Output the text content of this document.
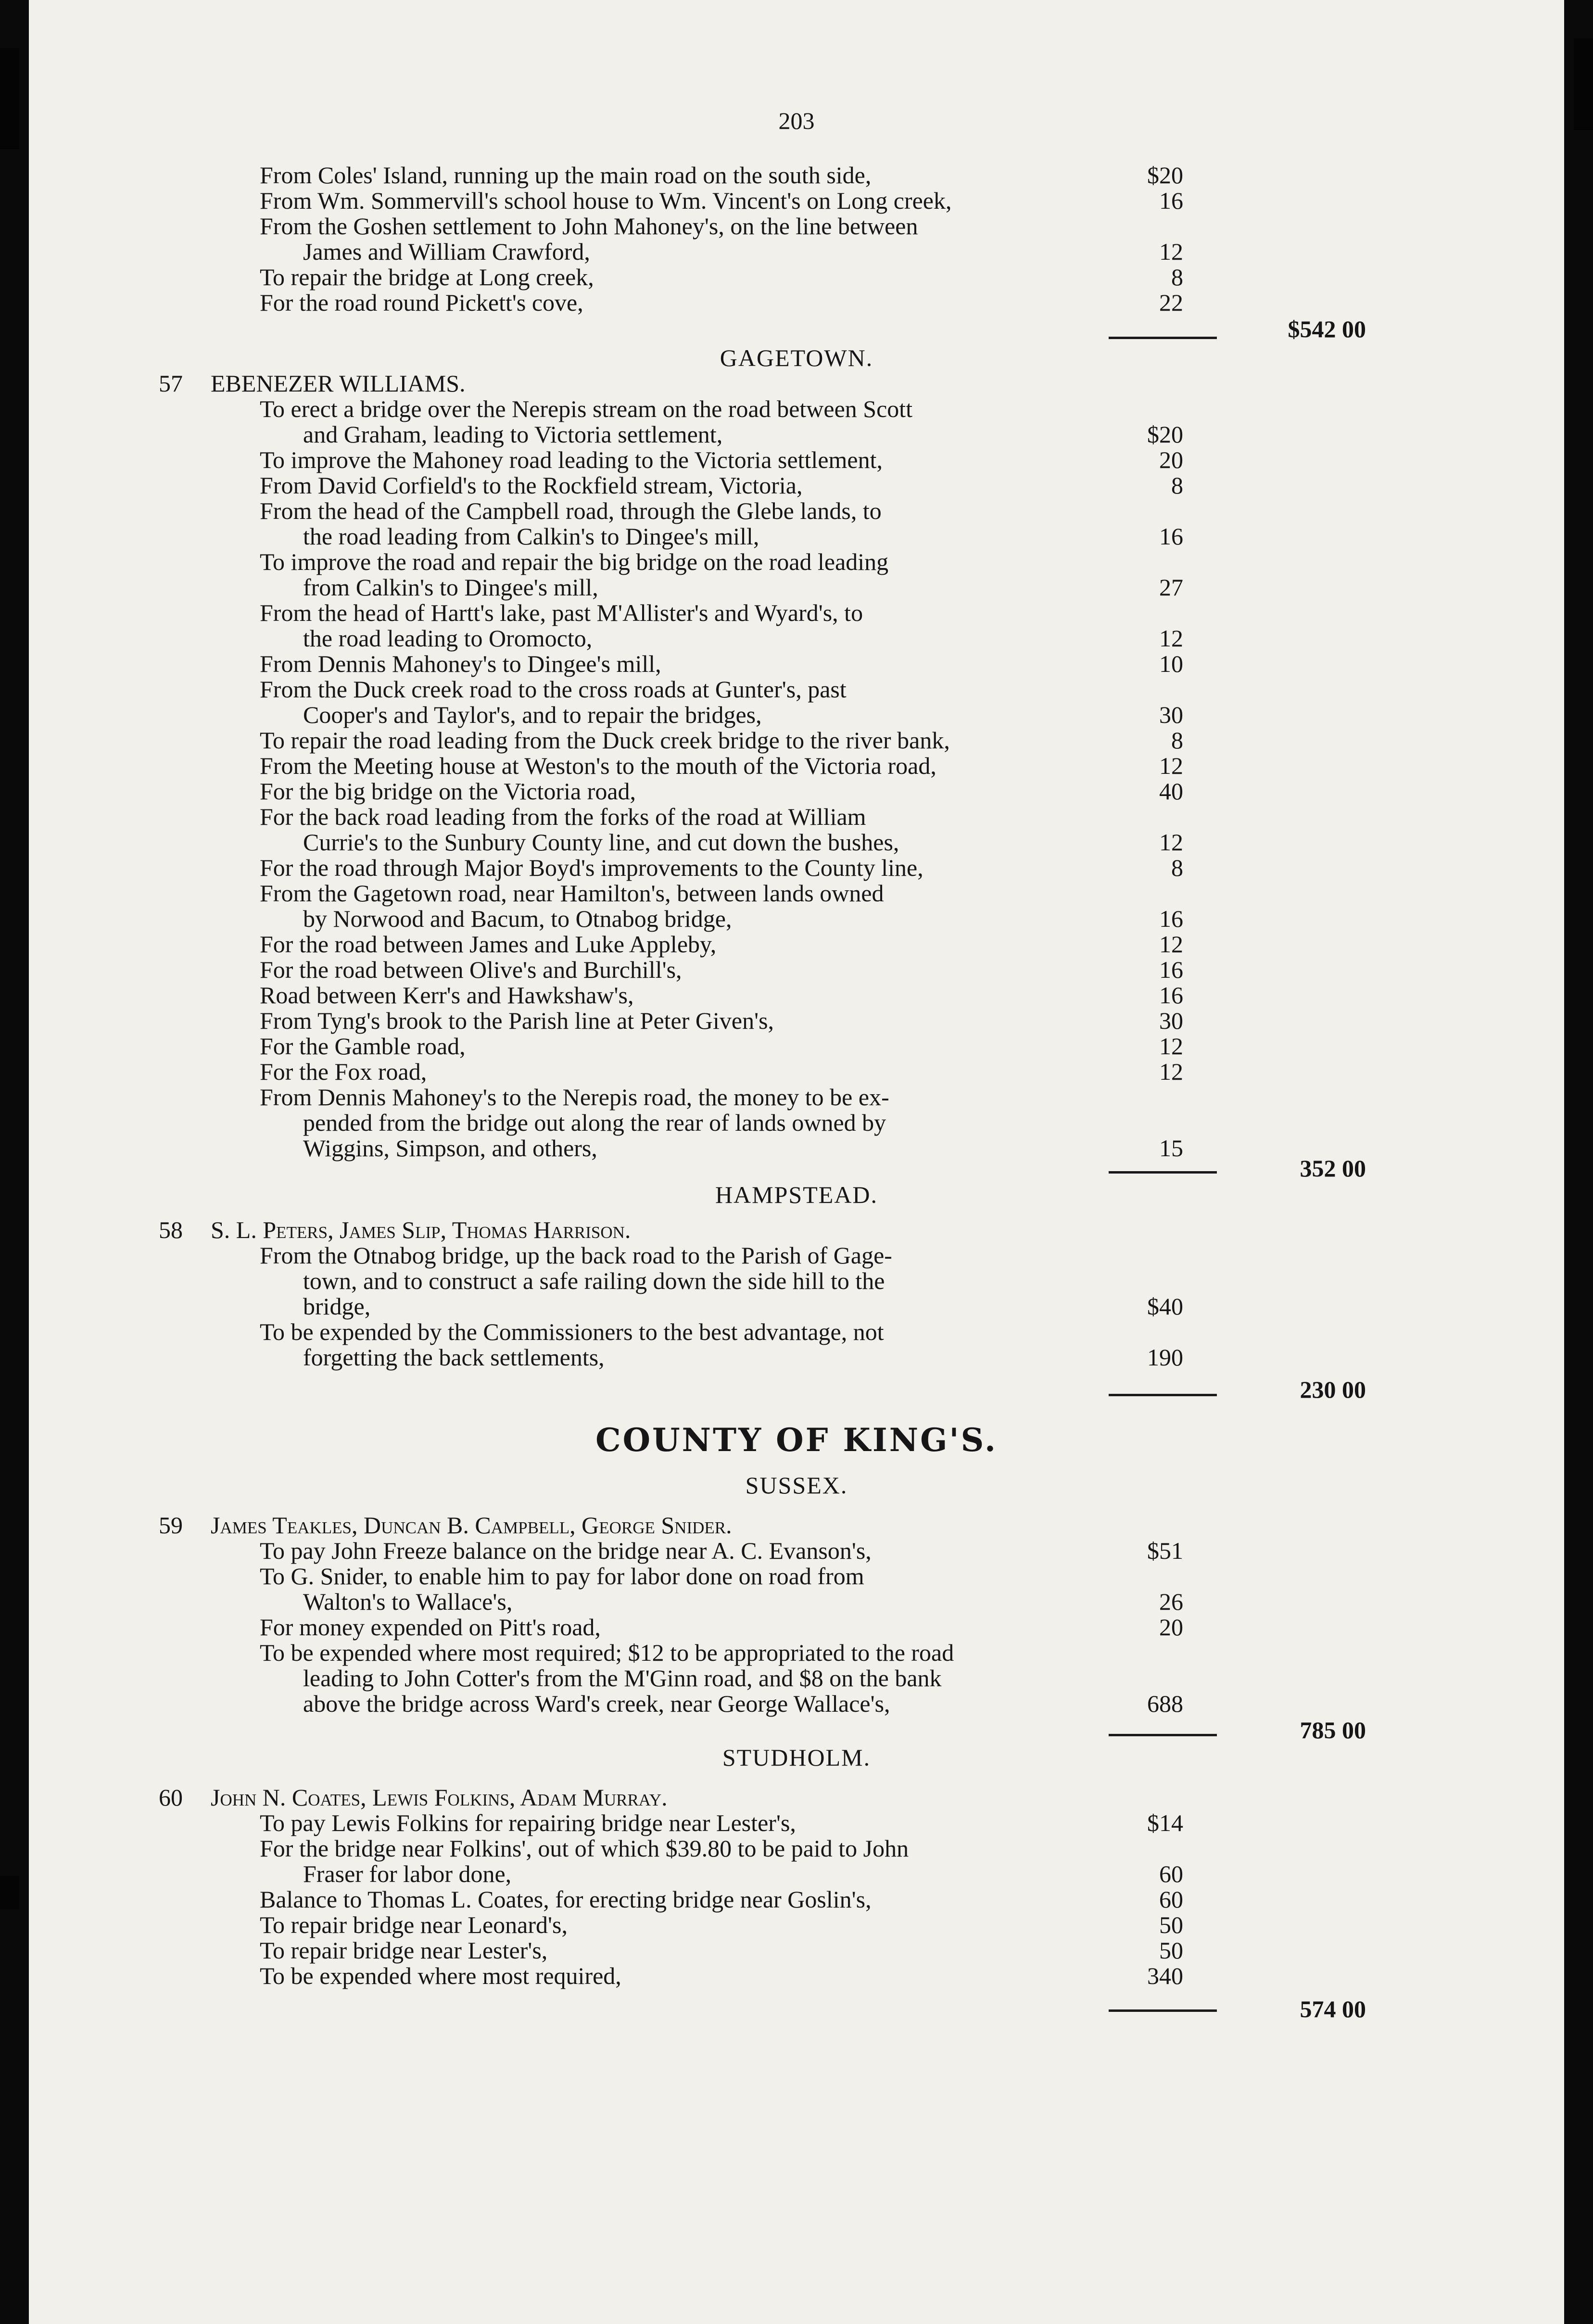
203
From Coles' Island, running up the main road on the south side,	$20
From Wm. Sommervill's school house to Wm. Vincent's on Long creek,	16
From the Goshen settlement to John Mahoney's, on the line between
James and William Crawford,	12
To repair the bridge at Long creek,	8
For the road round Pickett's cove,	22
$542 00
GAGETOWN.
57 EBENEZER WILLIAMS.
To erect a bridge over the Nerepis stream on the road between Scott
and Graham, leading to Victoria settlement,	$20
To improve the Mahoney road leading to the Victoria settlement,	20
From David Corfield's to the Rockfield stream, Victoria,	8
From the head of the Campbell road, through the Glebe lands, to
the road leading from Calkin's to Dingee's mill,	16
To improve the road and repair the big bridge on the road leading
from Calkin's to Dingee's mill,	27
From the head of Hartt's lake, past M'Allister's and Wyard's, to
the road leading to Oromocto,	12
From Dennis Mahoney's to Dingee's mill,	10
From the Duck creek road to the cross roads at Gunter's, past
Cooper's and Taylor's, and to repair the bridges,	30
To repair the road leading from the Duck creek bridge to the river bank,	8
From the Meeting house at Weston's to the mouth of the Victoria road,	12
For the big bridge on the Victoria road,	40
For the back road leading from the forks of the road at William
Currie's to the Sunbury County line, and cut down the bushes,	12
For the road through Major Boyd's improvements to the County line,	8
From the Gagetown road, near Hamilton's, between lands owned
by Norwood and Bacum, to Otnabog bridge,	16
For the road between James and Luke Appleby,	12
For the road between Olive's and Burchill's,	16
Road between Kerr's and Hawkshaw's,	16
From Tyng's brook to the Parish line at Peter Given's,	30
For the Gamble road,	12
For the Fox road,	12
From Dennis Mahoney's to the Nerepis road, the money to be ex-
pended from the bridge out along the rear of lands owned by
Wiggins, Simpson, and others,	15
352 00
HAMPSTEAD.
58 S. L. Peters, James Slip, Thomas Harrison.
From the Otnabog bridge, up the back road to the Parish of Gage-
town, and to construct a safe railing down the side hill to the
bridge,	$40
To be expended by the Commissioners to the best advantage, not
forgetting the back settlements,	190
230 00
COUNTY OF KING'S.
SUSSEX.
59 James Teakles, Duncan B. Campbell, George Snider.
To pay John Freeze balance on the bridge near A. C. Evanson's,	$51
To G. Snider, to enable him to pay for labor done on road from
Walton's to Wallace's,	26
For money expended on Pitt's road,	20
To be expended where most required; $12 to be appropriated to the road
leading to John Cotter's from the M'Ginn road, and $8 on the bank
above the bridge across Ward's creek, near George Wallace's,	688
785 00
STUDHOLM.
60 John N. Coates, Lewis Folkins, Adam Murray.
To pay Lewis Folkins for repairing bridge near Lester's,	$14
For the bridge near Folkins', out of which $39.80 to be paid to John
Fraser for labor done,	60
Balance to Thomas L. Coates, for erecting bridge near Goslin's,	60
To repair bridge near Leonard's,	50
To repair bridge near Lester's,	50
To be expended where most required,	340
574 00
